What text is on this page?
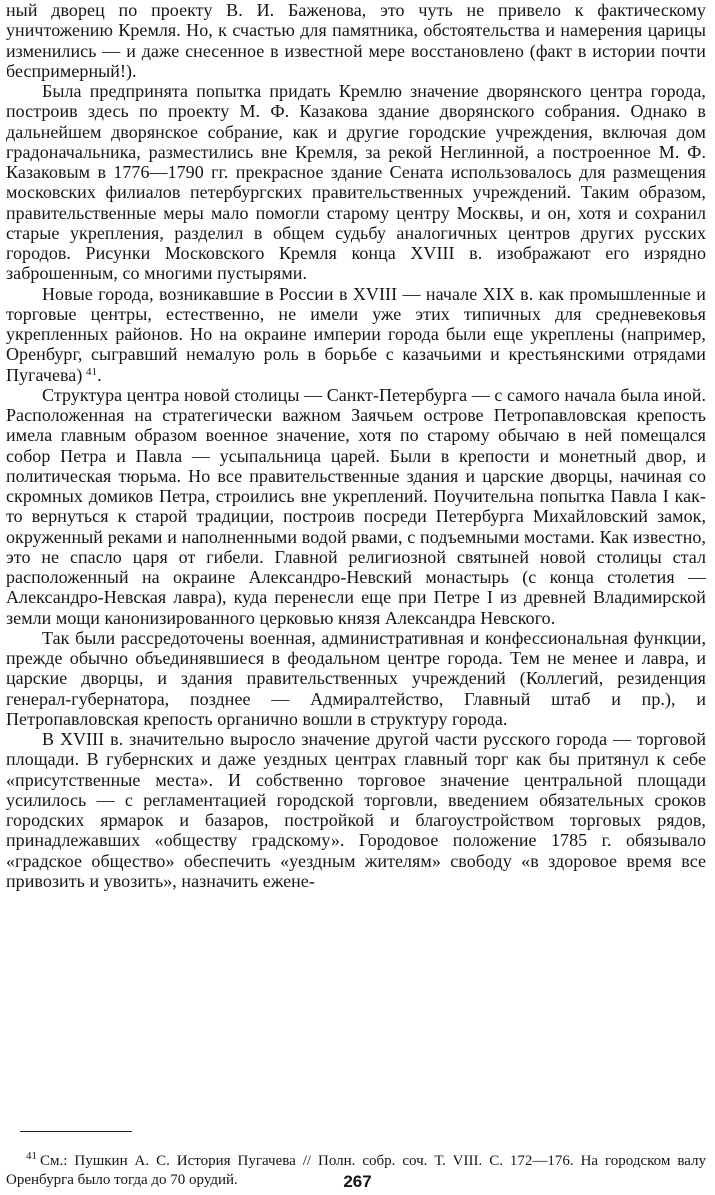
ный дворец по проекту В. И. Баженова, это чуть не привело к фактическому уничтожению Кремля. Но, к счастью для памятника, обстоятельства и намерения царицы изменились — и даже снесенное в известной мере восстановлено (факт в истории почти беспримерный!).

Была предпринята попытка придать Кремлю значение дворянского центра города, построив здесь по проекту М. Ф. Казакова здание дворянского собрания. Однако в дальнейшем дворянское собрание, как и другие городские учреждения, включая дом градоначальника, разместились вне Кремля, за рекой Неглинной, а построенное М. Ф. Казаковым в 1776—1790 гг. прекрасное здание Сената использовалось для размещения московских филиалов петербургских правительственных учреждений. Таким образом, правительственные меры мало помогли старому центру Москвы, и он, хотя и сохранил старые укрепления, разделил в общем судьбу аналогичных центров других русских городов. Рисунки Московского Кремля конца XVIII в. изображают его изрядно заброшенным, со многими пустырями.

Новые города, возникавшие в России в XVIII — начале XIX в. как промышленные и торговые центры, естественно, не имели уже этих типичных для средневековья укрепленных районов. Но на окраине империи города были еще укреплены (например, Оренбург, сыгравший немалую роль в борьбе с казачьими и крестьянскими отрядами Пугачева)  $^{41}$.

Структура центра новой столицы — Санкт-Петербурга — с самого начала была иной. Расположенная на стратегически важном Заячьем острове Петропавловская крепость имела главным образом военное значение, хотя по старому обычаю в ней помещался собор Петра и Павла — усыпальница царей. Были в крепости и монетный двор, и политическая тюрьма. Но все правительственные здания и царские дворцы, начиная со скромных домиков Петра, строились вне укреплений. Поучительна попытка Павла I как-то вернуться к старой традиции, построив посреди Петербурга Михайловский замок, окруженный реками и наполненными водой рвами, с подъемными мостами. Как известно, это не спасло царя от гибели. Главной религиозной святыней новой столицы стал расположенный на окраине Александро-Невский монастырь (с конца столетия — Александро-Невская лавра), куда перенесли еще при Петре I из древней Владимирской земли мощи канонизированного церковью князя Александра Невского.

Так были рассредоточены военная, административная и конфессиональная функции, прежде обычно объединявшиеся в феодальном центре города. Тем не менее и лавра, и царские дворцы, и здания правительственных учреждений (Коллегий, резиденция генерал-губернатора, позднее — Адмиралтейство, Главный штаб и пр.), и Петропавловская крепость органично вошли в структуру города.

В XVIII в. значительно выросло значение другой части русского города — торговой площади. В губернских и даже уездных центрах главный торг как бы притянул к себе «присутственные места». И собственно торговое значение центральной площади усилилось — с регламентацией городской торговли, введением обязательных сроков городских ярмарок и базаров, постройкой и благоустройством торговых рядов, принадлежавших «обществу градскому». Городовое положение 1785 г. обязывало «градское общество» обеспечить «уездным жителям» свободу «в здоровое время все привозить и увозить», назначить ежене-

$^{41}$  См.: Пушкин А. С. История Пугачева // Полн. собр. соч. Т. VIII. С. 172—176. На городском валу Оренбурга было тогда до 70 орудий.	267
